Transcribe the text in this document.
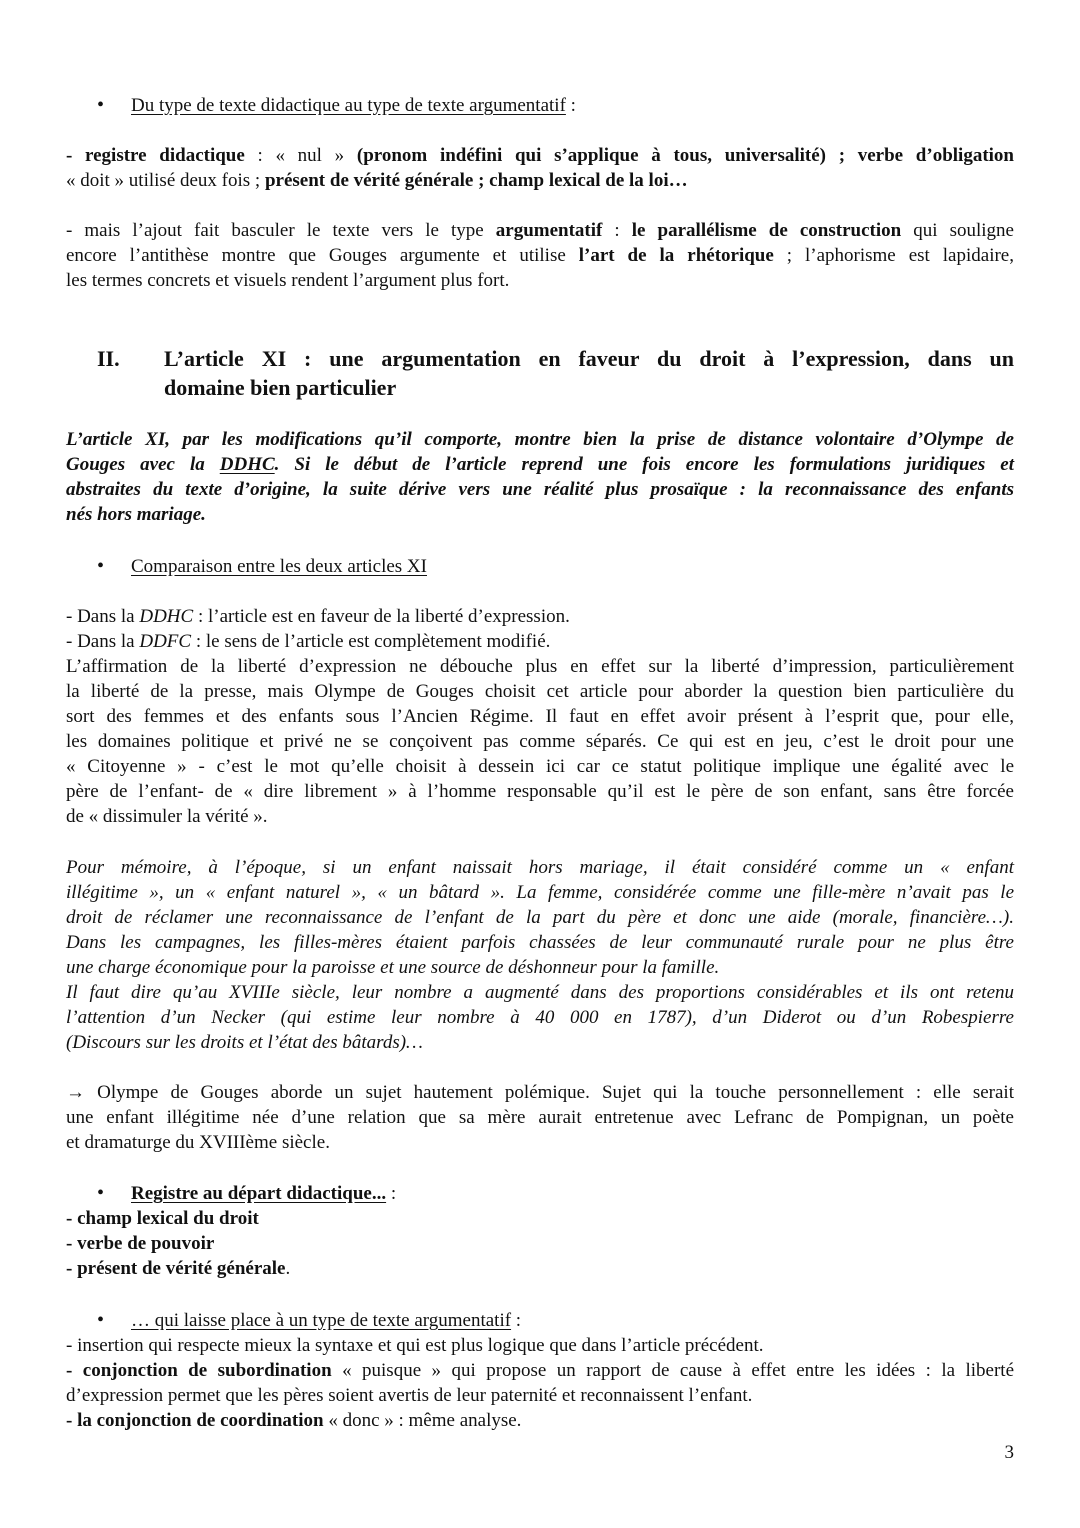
• Du type de texte didactique au type de texte argumentatif :
- registre didactique : « nul » (pronom indéfini qui s’applique à tous, universalité) ; verbe d’obligation
« doit » utilisé deux fois ; présent de vérité générale ; champ lexical de la loi…
- mais l’ajout fait basculer le texte vers le type argumentatif : le parallélisme de construction qui souligne
encore l’antithèse montre que Gouges argumente et utilise l’art de la rhétorique ; l’aphorisme est lapidaire,
les termes concrets et visuels rendent l’argument plus fort.
II. L’article XI : une argumentation en faveur du droit à l’expression, dans un
domaine bien particulier
L’article XI, par les modifications qu’il comporte, montre bien la prise de distance volontaire d’Olympe de
Gouges avec la DDHC. Si le début de l’article reprend une fois encore les formulations juridiques et
abstraites du texte d’origine, la suite dérive vers une réalité plus prosaïque : la reconnaissance des enfants
nés hors mariage.
• Comparaison entre les deux articles XI
- Dans la DDHC : l’article est en faveur de la liberté d’expression.
- Dans la DDFC : le sens de l’article est complètement modifié.
L’affirmation de la liberté d’expression ne débouche plus en effet sur la liberté d’impression, particulièrement
la liberté de la presse, mais Olympe de Gouges choisit cet article pour aborder la question bien particulière du
sort des femmes et des enfants sous l’Ancien Régime. Il faut en effet avoir présent à l’esprit que, pour elle,
les domaines politique et privé ne se conçoivent pas comme séparés. Ce qui est en jeu, c’est le droit pour une
« Citoyenne » - c’est le mot qu’elle choisit à dessein ici car ce statut politique implique une égalité avec le
père de l’enfant- de « dire librement » à l’homme responsable qu’il est le père de son enfant, sans être forcée
de « dissimuler la vérité ».
Pour mémoire, à l’époque, si un enfant naissait hors mariage, il était considéré comme un « enfant
illégitime », un « enfant naturel », « un bâtard ». La femme, considérée comme une fille-mère n’avait pas le
droit de réclamer une reconnaissance de l’enfant de la part du père et donc une aide (morale, financière…).
Dans les campagnes, les filles-mères étaient parfois chassées de leur communauté rurale pour ne plus être
une charge économique pour la paroisse et une source de déshonneur pour la famille.
Il faut dire qu’au XVIIIe siècle, leur nombre a augmenté dans des proportions considérables et ils ont retenu
l’attention d’un Necker (qui estime leur nombre à 40 000 en 1787), d’un Diderot ou d’un Robespierre
(Discours sur les droits et l’état des bâtards)…
→ Olympe de Gouges aborde un sujet hautement polémique. Sujet qui la touche personnellement : elle serait
une enfant illégitime née d’une relation que sa mère aurait entretenue avec Lefranc de Pompignan, un poète
et dramaturge du XVIIIème siècle.
• Registre au départ didactique... :
- champ lexical du droit
- verbe de pouvoir
- présent de vérité générale.
• … qui laisse place à un type de texte argumentatif :
- insertion qui respecte mieux la syntaxe et qui est plus logique que dans l’article précédent.
- conjonction de subordination « puisque » qui propose un rapport de cause à effet entre les idées : la liberté
d’expression permet que les pères soient avertis de leur paternité et reconnaissent l’enfant.
- la conjonction de coordination « donc » : même analyse.
3
